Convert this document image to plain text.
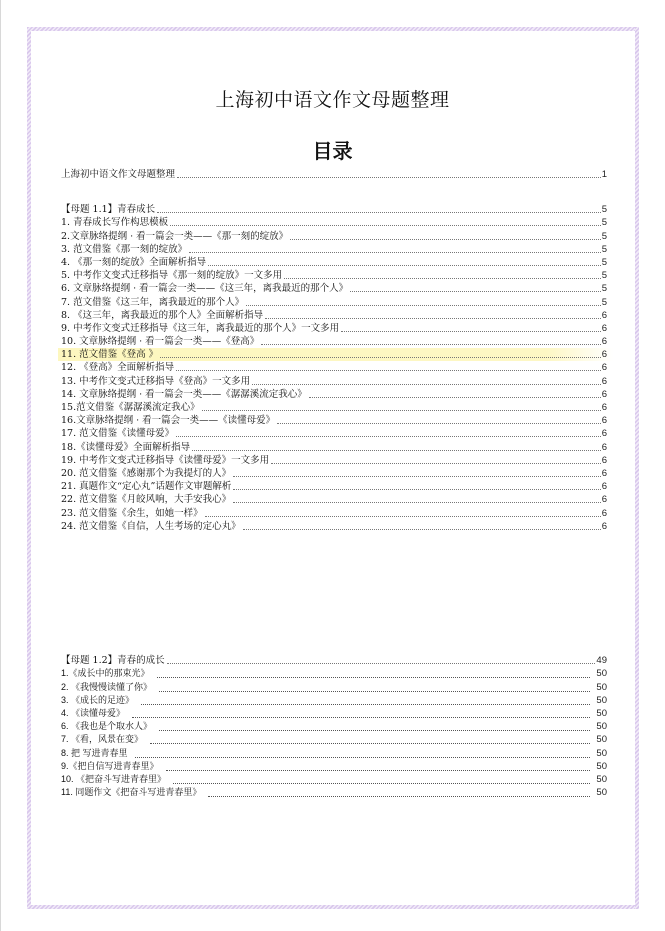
上海初中语文作文母题整理
目录
上海初中语文作文母题整理	1
【母题 1.1】青春成长	5
1. 青春成长写作构思模板	5
2.文章脉络提纲 · 看一篇会一类——《那一刻的绽放》	5
3. 范文借鉴《那一刻的绽放》	5
4. 《那一刻的绽放》全面解析指导	5
5. 中考作文变式迁移指导《那一刻的绽放》一文多用	5
6. 文章脉络提纲 · 看一篇会一类——《这三年，离我最近的那个人》	5
7. 范文借鉴《这三年，离我最近的那个人》	5
8. 《这三年，离我最近的那个人》全面解析指导	6
9. 中考作文变式迁移指导《这三年，离我最近的那个人》一文多用	6
10. 文章脉络提纲 · 看一篇会一类——《登高》	6
11. 范文借鉴《登高 》	6
12. 《登高》全面解析指导	6
13. 中考作文变式迁移指导《登高》一文多用	6
14. 文章脉络提纲 · 看一篇会一类——《潺潺溪流定我心》	6
15.范文借鉴《潺潺溪流定我心》	6
16.文章脉络提纲 · 看一篇会一类——《读懂母爱》	6
17. 范文借鉴《读懂母爱》	6
18.《读懂母爱》全面解析指导	6
19. 中考作文变式迁移指导《读懂母爱》一文多用	6
20. 范文借鉴《感谢那个为我提灯的人》	6
21. 真题作文“定心丸”话题作文审题解析	6
22. 范文借鉴《月皎风响，大手安我心》	6
23. 范文借鉴《余生，如她一样》	6
24. 范文借鉴《自信，人生考场的定心丸》	6
【母题 1.2】青春的成长	49
1.《成长中的那束光》	50
2. 《我慢慢读懂了你》	50
3. 《成长的足迹》	50
4. 《读懂母爱》	50
6. 《我也是个取水人》	50
7. 《看，风景在变》	50
8. 把 写进青春里	50
9.《把自信写进青春里》	50
10. 《把奋斗写进青春里》	50
11. 同题作文《把奋斗写进青春里》	50
